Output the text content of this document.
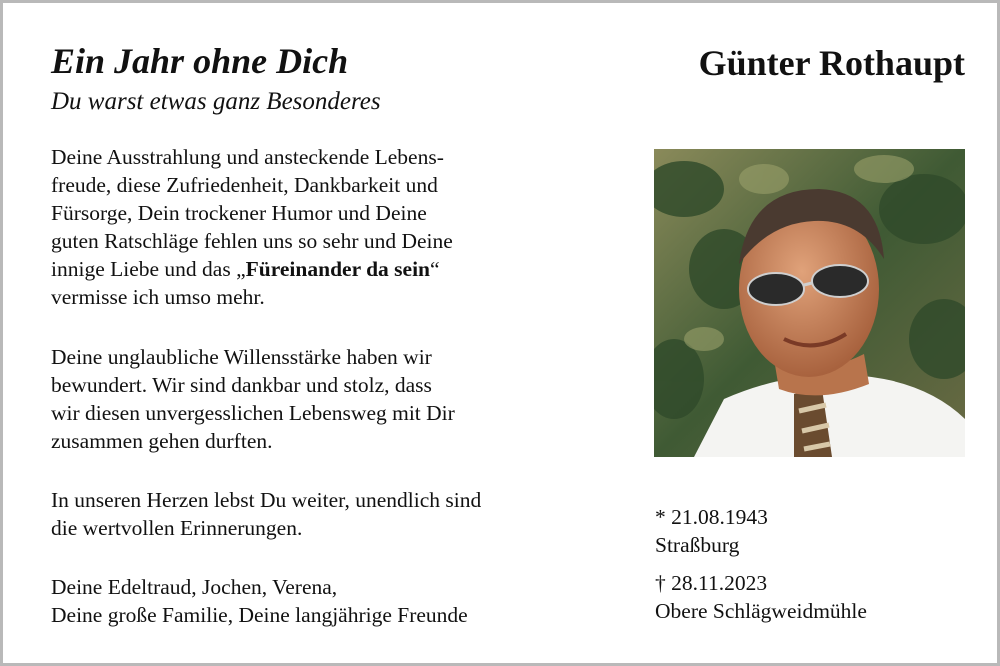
Ein Jahr ohne Dich
Du warst etwas ganz Besonderes
Günter Rothaupt
Deine Ausstrahlung und ansteckende Lebens-
freude, diese Zufriedenheit, Dankbarkeit und
Fürsorge, Dein trockener Humor und Deine
guten Ratschläge fehlen uns so sehr und Deine
innige Liebe und das „Füreinander da sein“
vermisse ich umso mehr.
Deine unglaubliche Willensstärke haben wir
bewundert. Wir sind dankbar und stolz, dass
wir diesen unvergesslichen Lebensweg mit Dir
zusammen gehen durften.
In unseren Herzen lebst Du weiter, unendlich sind
die wertvollen Erinnerungen.
Deine Edeltraud, Jochen, Verena,
Deine große Familie, Deine langjährige Freunde
* 21.08.1943
Straßburg
† 28.11.2023
Obere Schlägweidmühle
